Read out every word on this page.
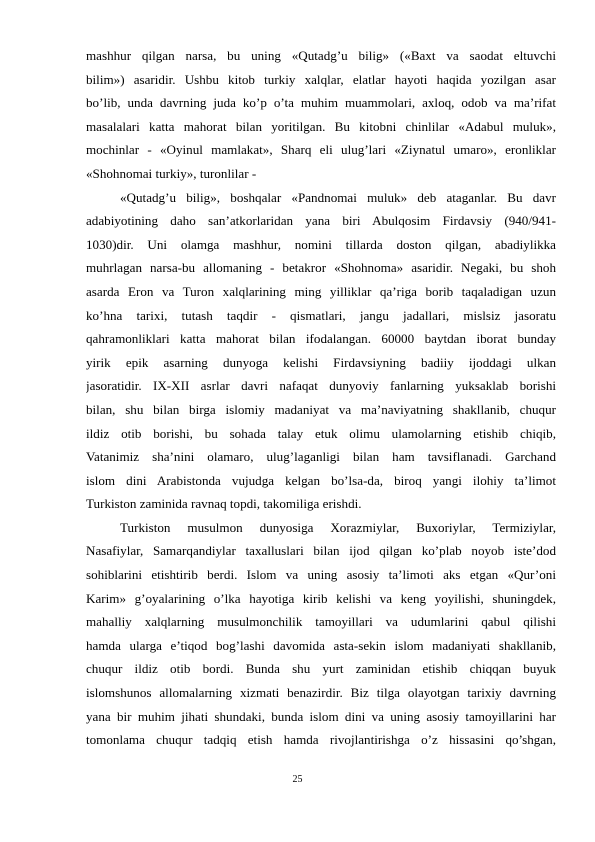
mashhur qilgan narsa, bu uning «Qutadg’u bilig» («Baxt va saodat eltuvchi
bilim») asaridir. Ushbu kitob turkiy xalqlar, elatlar hayoti haqida yozilgan asar
bo’lib, unda davrning juda ko’p o’ta muhim muammolari, axloq, odob va ma’rifat
masalalari katta mahorat bilan yoritilgan. Bu kitobni chinlilar «Adabul muluk»,
mochinlar - «Oyinul mamlakat», Sharq eli ulug’lari «Ziynatul umaro», eronliklar
«Shohnomai turkiy», turonlilar -
«Qutadg’u bilig», boshqalar «Pandnomai muluk» deb ataganlar. Bu davr
adabiyotining daho san’atkorlaridan yana biri Abulqosim Firdavsiy (940/941-
1030)dir. Uni olamga mashhur, nomini tillarda doston qilgan, abadiylikka
muhrlagan narsa-bu allomaning - betakror «Shohnoma» asaridir. Negaki, bu shoh
asarda Eron va Turon xalqlarining ming yilliklar qa’riga borib taqaladigan uzun
ko’hna tarixi, tutash taqdir - qismatlari, jangu jadallari, mislsiz jasoratu
qahramonliklari katta mahorat bilan ifodalangan. 60000 baytdan iborat bunday
yirik epik asarning dunyoga kelishi Firdavsiyning badiiy ijoddagi ulkan
jasoratidir. IX-XII asrlar davri nafaqat dunyoviy fanlarning yuksaklab borishi
bilan, shu bilan birga islomiy madaniyat va ma’naviyatning shakllanib, chuqur
ildiz otib borishi, bu sohada talay etuk olimu ulamolarning etishib chiqib,
Vatanimiz sha’nini olamaro, ulug’laganligi bilan ham tavsiflanadi. Garchand
islom dini Arabistonda vujudga kelgan bo’lsa-da, biroq yangi ilohiy ta’limot
Turkiston zaminida ravnaq topdi, takomiliga erishdi.
Turkiston musulmon dunyosiga Xorazmiylar, Buxoriylar, Termiziylar,
Nasafiylar, Samarqandiylar taxalluslari bilan ijod qilgan ko’plab noyob iste’dod
sohiblarini etishtirib berdi. Islom va uning asosiy ta’limoti aks etgan «Qur’oni
Karim» g’oyalarining o’lka hayotiga kirib kelishi va keng yoyilishi, shuningdek,
mahalliy xalqlarning musulmonchilik tamoyillari va udumlarini qabul qilishi
hamda ularga e’tiqod bog’lashi davomida asta-sekin islom madaniyati shakllanib,
chuqur ildiz otib bordi. Bunda shu yurt zaminidan etishib chiqqan buyuk
islomshunos allomalarning xizmati benazirdir. Biz tilga olayotgan tarixiy davrning
yana bir muhim jihati shundaki, bunda islom dini va uning asosiy tamoyillarini har
tomonlama chuqur tadqiq etish hamda rivojlantirishga o’z hissasini qo’shgan,
25
